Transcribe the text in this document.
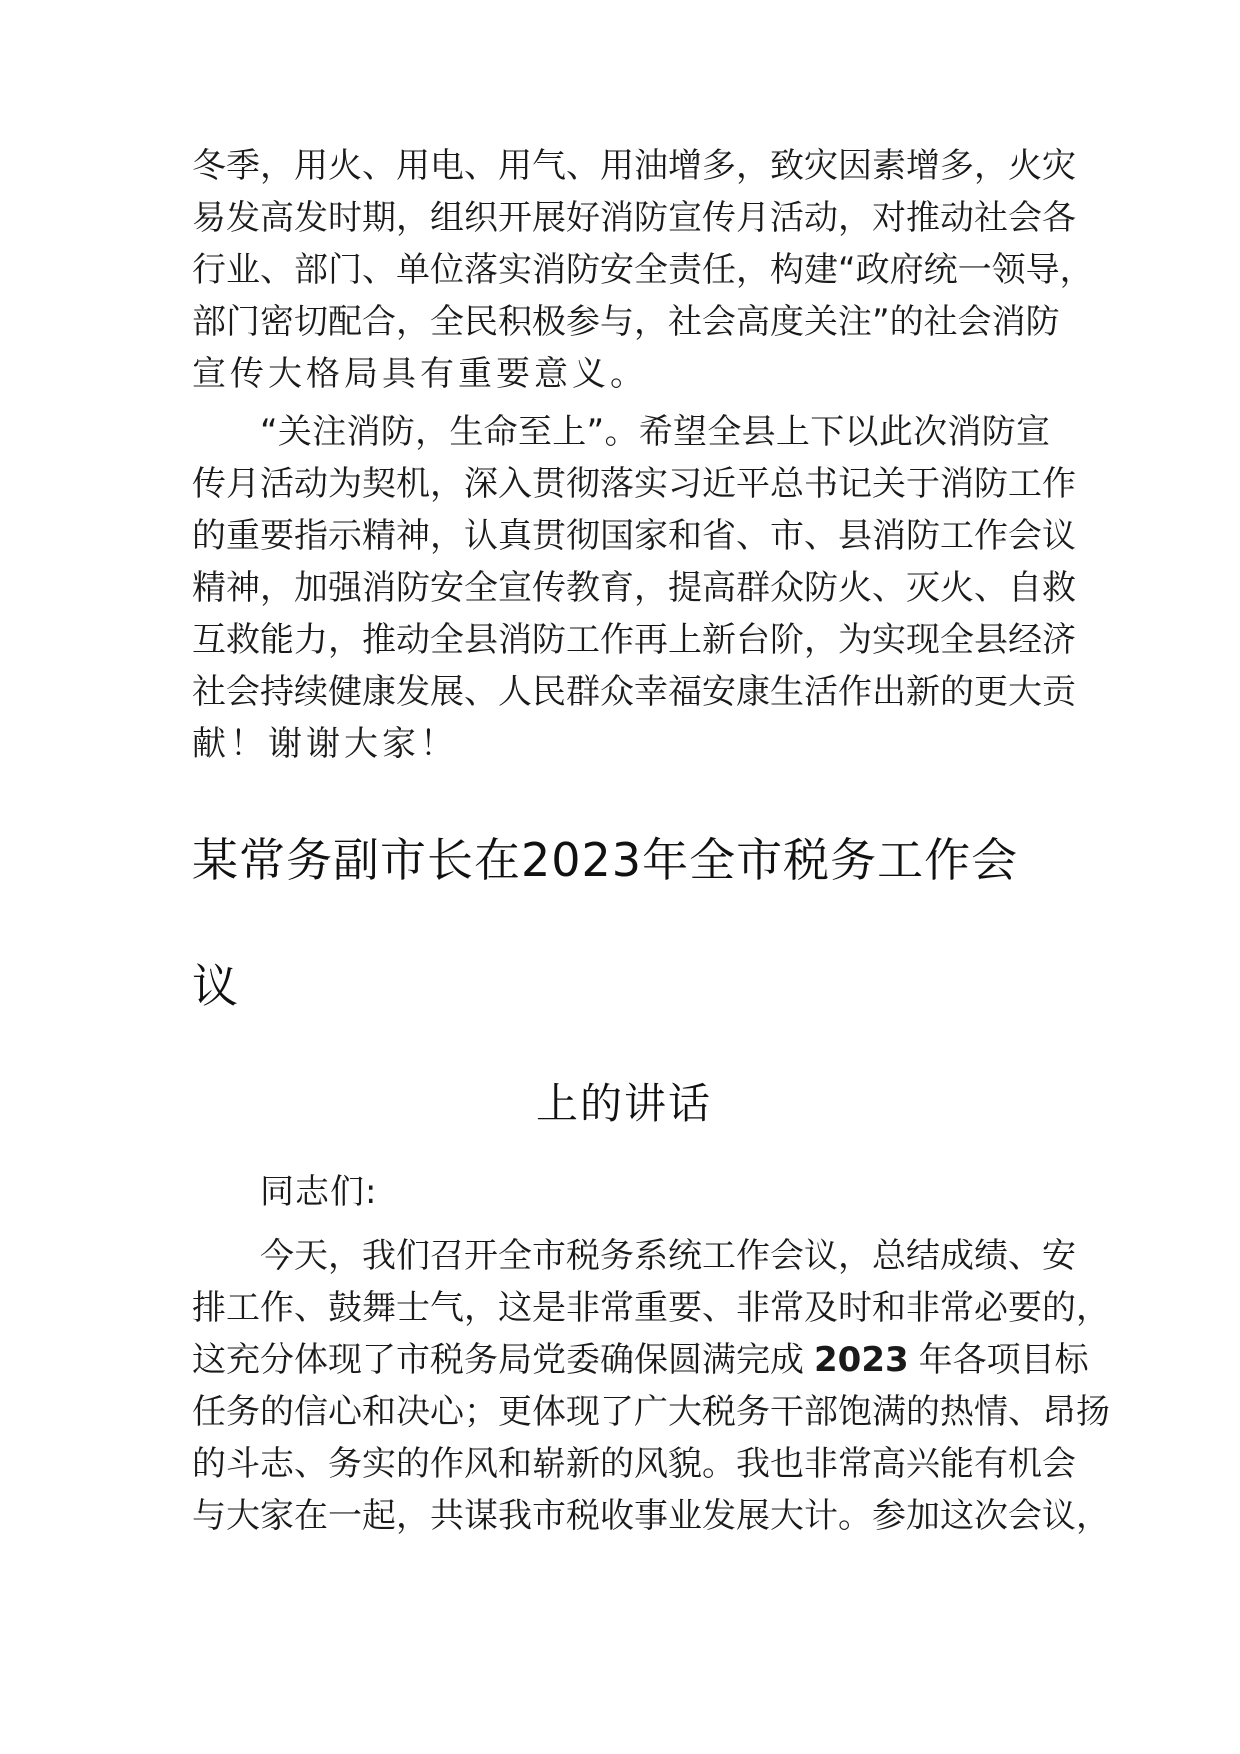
冬季，用火、用电、用气、用油增多，致灾因素增多，火灾
易发高发时期，组织开展好消防宣传月活动，对推动社会各
行业、部门、单位落实消防安全责任，构建“政府统一领导，
部门密切配合，全民积极参与，社会高度关注”的社会消防
宣传大格局具有重要意义。
“关注消防，生命至上”。希望全县上下以此次消防宣
传月活动为契机，深入贯彻落实习近平总书记关于消防工作
的重要指示精神，认真贯彻国家和省、市、县消防工作会议
精神，加强消防安全宣传教育，提高群众防火、灭火、自救
互救能力，推动全县消防工作再上新台阶，为实现全县经济
社会持续健康发展、人民群众幸福安康生活作出新的更大贡
献！谢谢大家！
某常务副市长在2023年全市税务工作会
议
上的讲话
同志们:
今天，我们召开全市税务系统工作会议，总结成绩、安
排工作、鼓舞士气，这是非常重要、非常及时和非常必要的，
这充分体现了市税务局党委确保圆满完成 2023 年各项目标
任务的信心和决心；更体现了广大税务干部饱满的热情、昂扬
的斗志、务实的作风和崭新的风貌。我也非常高兴能有机会
与大家在一起，共谋我市税收事业发展大计。参加这次会议，
